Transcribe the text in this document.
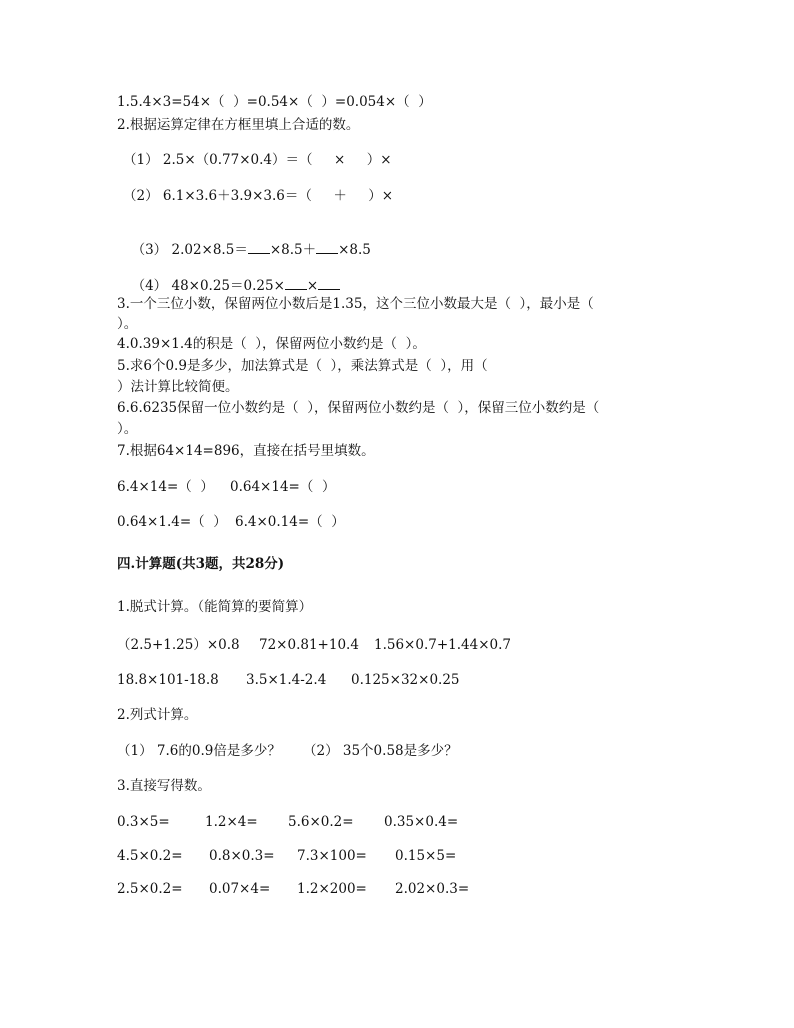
1.5.4×3=54×（  ）=0.54×（  ）=0.054×（  ）
2.根据运算定律在方框里填上合适的数。
（1） 2.5×（0.77×0.4）＝（     ×     ）×
（2） 6.1×3.6＋3.9×3.6＝（     ＋     ）×

（3） 2.02×8.5＝ ×8.5＋ ×8.5

（4） 48×0.25＝0.25× ×

3.一个三位小数，保留两位小数后是1.35，这个三位小数最大是（  ），最小是（
）。
4.0.39×1.4的积是（  ），保留两位小数约是（  ）。
5.求6个0.9是多少，加法算式是（  ），乘法算式是（  ），用（
）法计算比较简便。
6.6.6235保留一位小数约是（  ），保留两位小数约是（  ），保留三位小数约是（
）。
7.根据64×14=896，直接在括号里填数。
6.4×14=（  ） 0.64×14=（  ）
0.64×1.4=（  ） 6.4×0.14=（  ）
四.计算题(共3题，共28分)
1.脱式计算。（能简算的要简算）
（2.5+1.25）×0.8 72×0.81+10.4 1.56×0.7+1.44×0.7
18.8×101-18.8 3.5×1.4-2.4 0.125×32×0.25
2.列式计算。
（1） 7.6的0.9倍是多少？ （2） 35个0.58是多少？
3.直接写得数。
0.3×5=	1.2×4= 5.6×0.2= 0.35×0.4=
4.5×0.2= 0.8×0.3= 7.3×100= 0.15×5=
2.5×0.2= 0.07×4= 1.2×200= 2.02×0.3=
